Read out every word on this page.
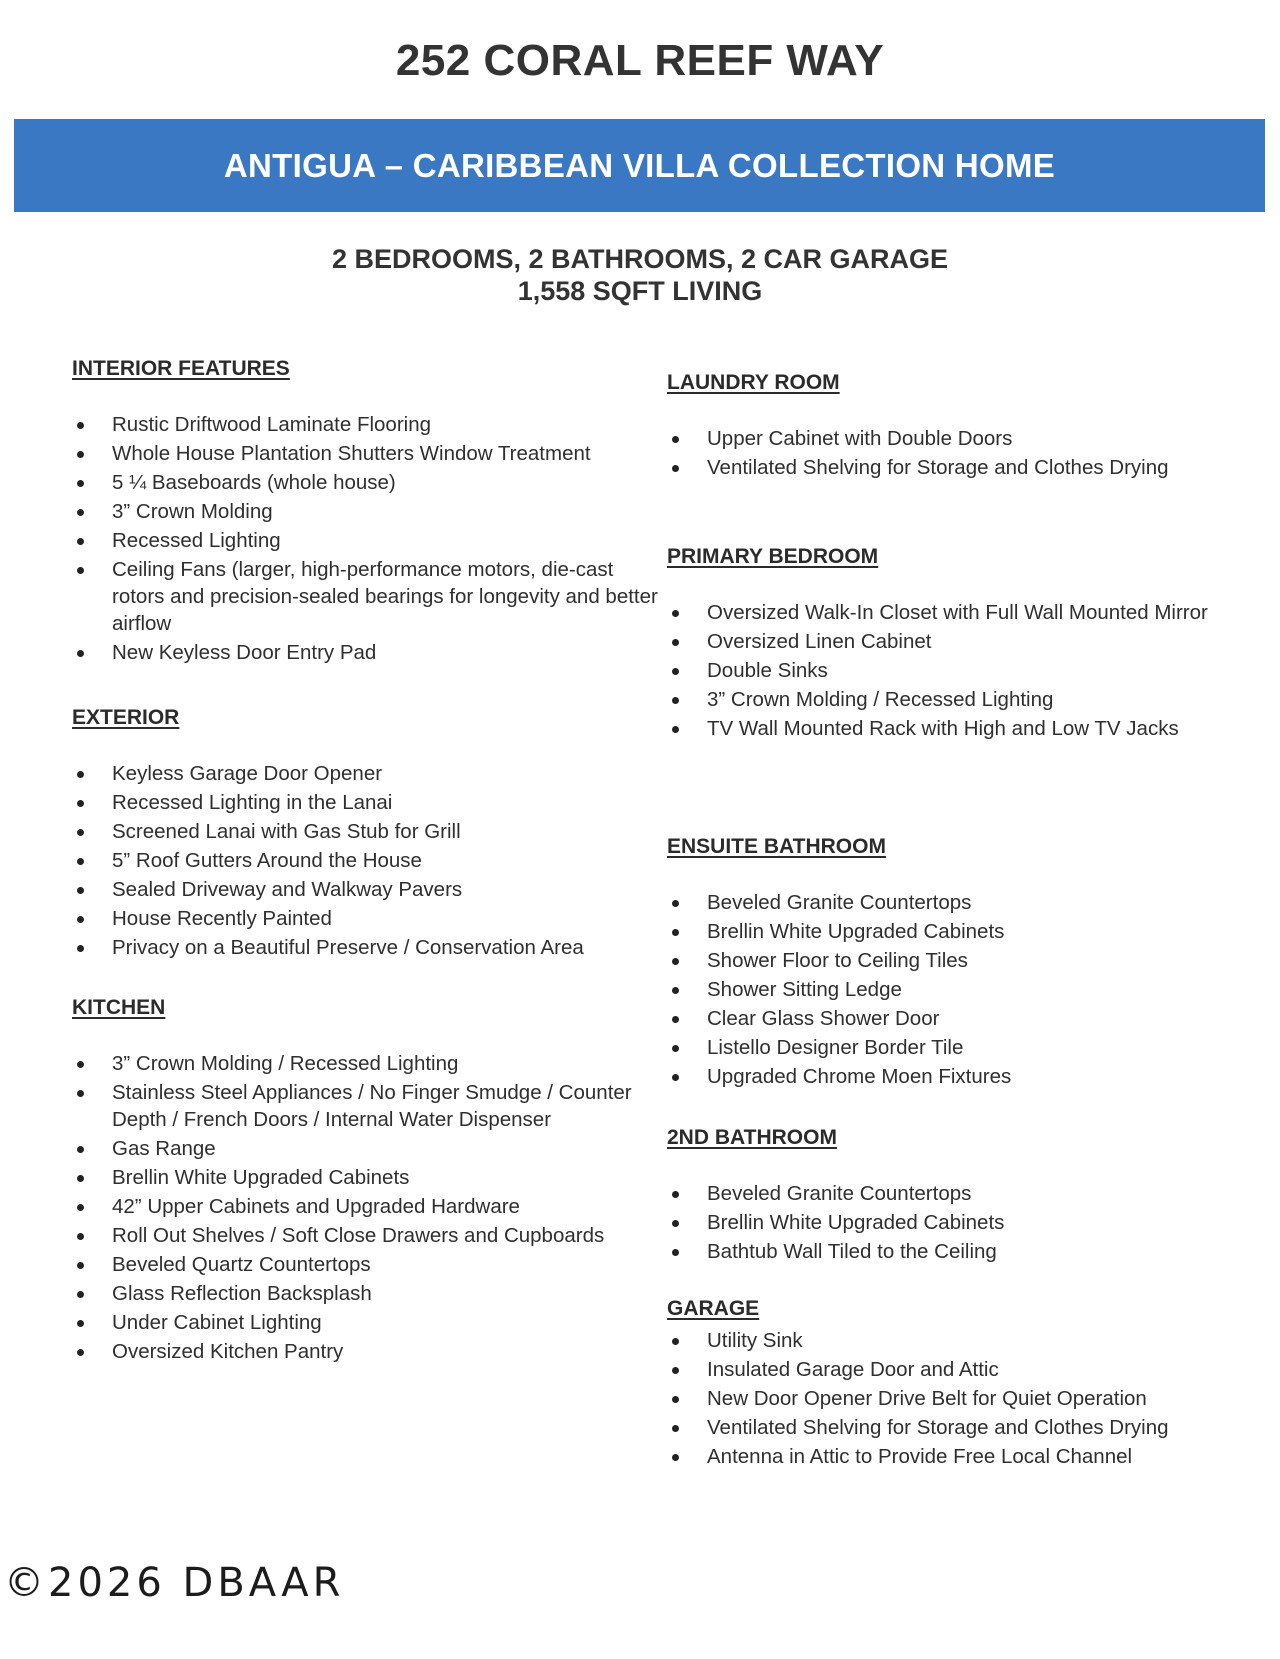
252 CORAL REEF WAY
ANTIGUA – CARIBBEAN VILLA COLLECTION HOME
2 BEDROOMS, 2 BATHROOMS, 2 CAR GARAGE
1,558 SQFT LIVING
INTERIOR FEATURES
Rustic Driftwood Laminate Flooring
Whole House Plantation Shutters Window Treatment
5 ¼ Baseboards (whole house)
3” Crown Molding
Recessed Lighting
Ceiling Fans (larger, high-performance motors, die-cast rotors and precision-sealed bearings for longevity and better airflow
New Keyless Door Entry Pad
EXTERIOR
Keyless Garage Door Opener
Recessed Lighting in the Lanai
Screened Lanai with Gas Stub for Grill
5” Roof Gutters Around the House
Sealed Driveway and Walkway Pavers
House Recently Painted
Privacy on a Beautiful Preserve / Conservation Area
KITCHEN
3” Crown Molding / Recessed Lighting
Stainless Steel Appliances / No Finger Smudge / Counter Depth / French Doors / Internal Water Dispenser
Gas Range
Brellin White Upgraded Cabinets
42” Upper Cabinets and Upgraded Hardware
Roll Out Shelves / Soft Close Drawers and Cupboards
Beveled Quartz Countertops
Glass Reflection Backsplash
Under Cabinet Lighting
Oversized Kitchen Pantry
LAUNDRY ROOM
Upper Cabinet with Double Doors
Ventilated Shelving for Storage and Clothes Drying
PRIMARY BEDROOM
Oversized Walk-In Closet with Full Wall Mounted Mirror
Oversized Linen Cabinet
Double Sinks
3” Crown Molding / Recessed Lighting
TV Wall Mounted Rack with High and Low TV Jacks
ENSUITE BATHROOM
Beveled Granite Countertops
Brellin White Upgraded Cabinets
Shower Floor to Ceiling Tiles
Shower Sitting Ledge
Clear Glass Shower Door
Listello Designer Border Tile
Upgraded Chrome Moen Fixtures
2ND BATHROOM
Beveled Granite Countertops
Brellin White Upgraded Cabinets
Bathtub Wall Tiled to the Ceiling
GARAGE
Utility Sink
Insulated Garage Door and Attic
New Door Opener Drive Belt for Quiet Operation
Ventilated Shelving for Storage and Clothes Drying
Antenna in Attic to Provide Free Local Channel
©2026 DBAAR
